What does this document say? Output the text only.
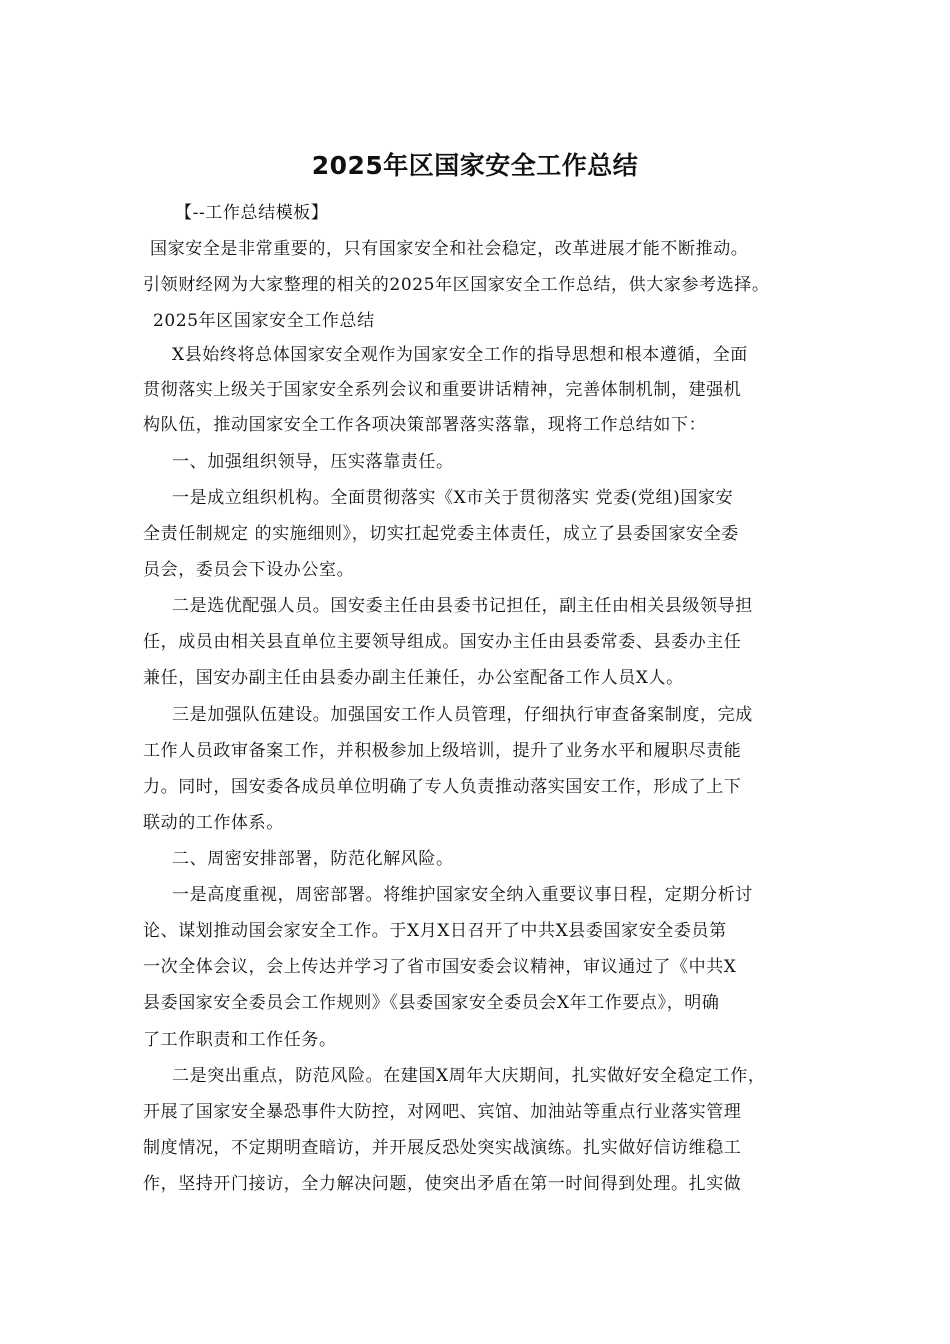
2025年区国家安全工作总结
【--工作总结模板】
国家安全是非常重要的，只有国家安全和社会稳定，改革进展才能不断推动。
引领财经网为大家整理的相关的2025年区国家安全工作总结，供大家参考选择。
2025年区国家安全工作总结
X县始终将总体国家安全观作为国家安全工作的指导思想和根本遵循，全面
贯彻落实上级关于国家安全系列会议和重要讲话精神，完善体制机制，建强机
构队伍，推动国家安全工作各项决策部署落实落靠，现将工作总结如下：
一、加强组织领导，压实落靠责任。
一是成立组织机构。全面贯彻落实《X市关于贯彻落实 党委(党组)国家安
全责任制规定 的实施细则》，切实扛起党委主体责任，成立了县委国家安全委
员会，委员会下设办公室。
二是选优配强人员。国安委主任由县委书记担任，副主任由相关县级领导担
任，成员由相关县直单位主要领导组成。国安办主任由县委常委、县委办主任
兼任，国安办副主任由县委办副主任兼任，办公室配备工作人员X人。
三是加强队伍建设。加强国安工作人员管理，仔细执行审查备案制度，完成
工作人员政审备案工作，并积极参加上级培训，提升了业务水平和履职尽责能
力。同时，国安委各成员单位明确了专人负责推动落实国安工作，形成了上下
联动的工作体系。
二、周密安排部署，防范化解风险。
一是高度重视，周密部署。将维护国家安全纳入重要议事日程，定期分析讨
论、谋划推动国会家安全工作。于X月X日召开了中共X县委国家安全委员第
一次全体会议，会上传达并学习了省市国安委会议精神，审议通过了《中共X
县委国家安全委员会工作规则》《县委国家安全委员会X年工作要点》，明确
了工作职责和工作任务。
二是突出重点，防范风险。在建国X周年大庆期间，扎实做好安全稳定工作，
开展了国家安全暴恐事件大防控，对网吧、宾馆、加油站等重点行业落实管理
制度情况，不定期明查暗访，并开展反恐处突实战演练。扎实做好信访维稳工
作，坚持开门接访，全力解决问题，使突出矛盾在第一时间得到处理。扎实做
